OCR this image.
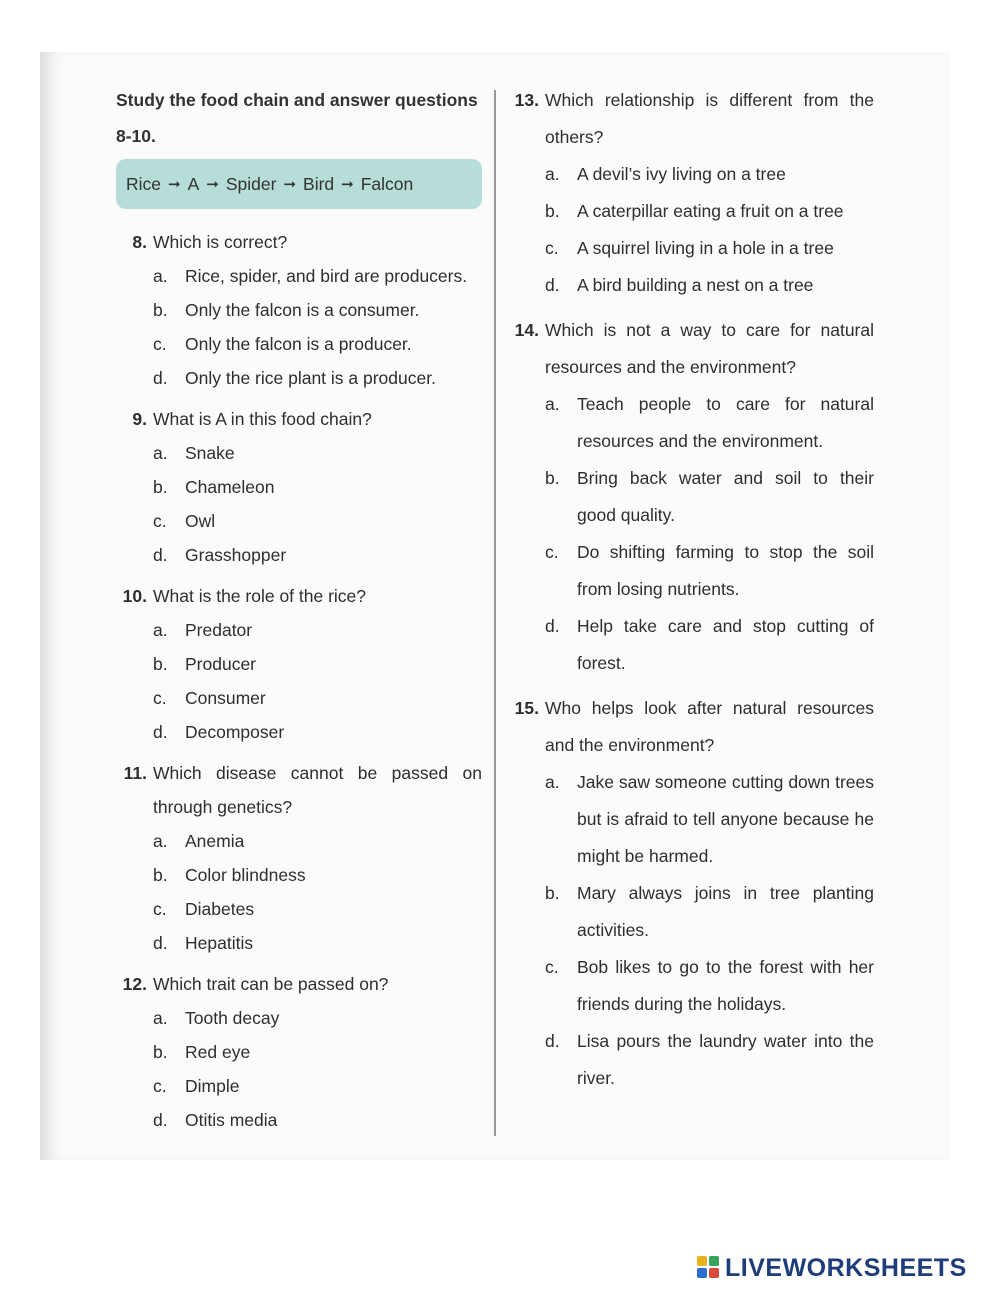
Study the food chain and answer questions

8-10.

Rice ➞ A ➞ Spider ➞ Bird ➞ Falcon
8. Which is correct?
a. Rice, spider, and bird are producers.
b. Only the falcon is a consumer.
c.	Only the falcon is a producer.
d. Only the rice plant is a producer.
9. What is A in this food chain?
a. Snake
b. Chameleon
c.	Owl
d. Grasshopper
10. What is the role of the rice?
a. Predator
b. Producer
c.	Consumer
d. Decomposer
11. Which disease cannot be passed on through genetics?
a. Anemia
b. Color blindness
c.	Diabetes
d. Hepatitis
12. Which trait can be passed on?
a. Tooth decay
b. Red eye
c.	Dimple
d. Otitis media
13. Which relationship is different from the others?
a. A devil’s ivy living on a tree
b. A caterpillar eating a fruit on a tree
c.	A squirrel living in a hole in a tree
d. A bird building a nest on a tree
14. Which is not a way to care for natural resources and the environment?
a. Teach people to care for natural resources and the environment.
b. Bring back water and soil to their good quality.
c.	Do shifting farming to stop the soil from losing nutrients.
d. Help take care and stop cutting of forest.
15. Who helps look after natural resources and the environment?
a. Jake saw someone cutting down trees but is afraid to tell anyone because he might be harmed.
b. Mary always joins in tree planting activities.
c.	Bob likes to go to the forest with her friends during the holidays.
d. Lisa pours the laundry water into the river.
LIVEWORKSHEETS
